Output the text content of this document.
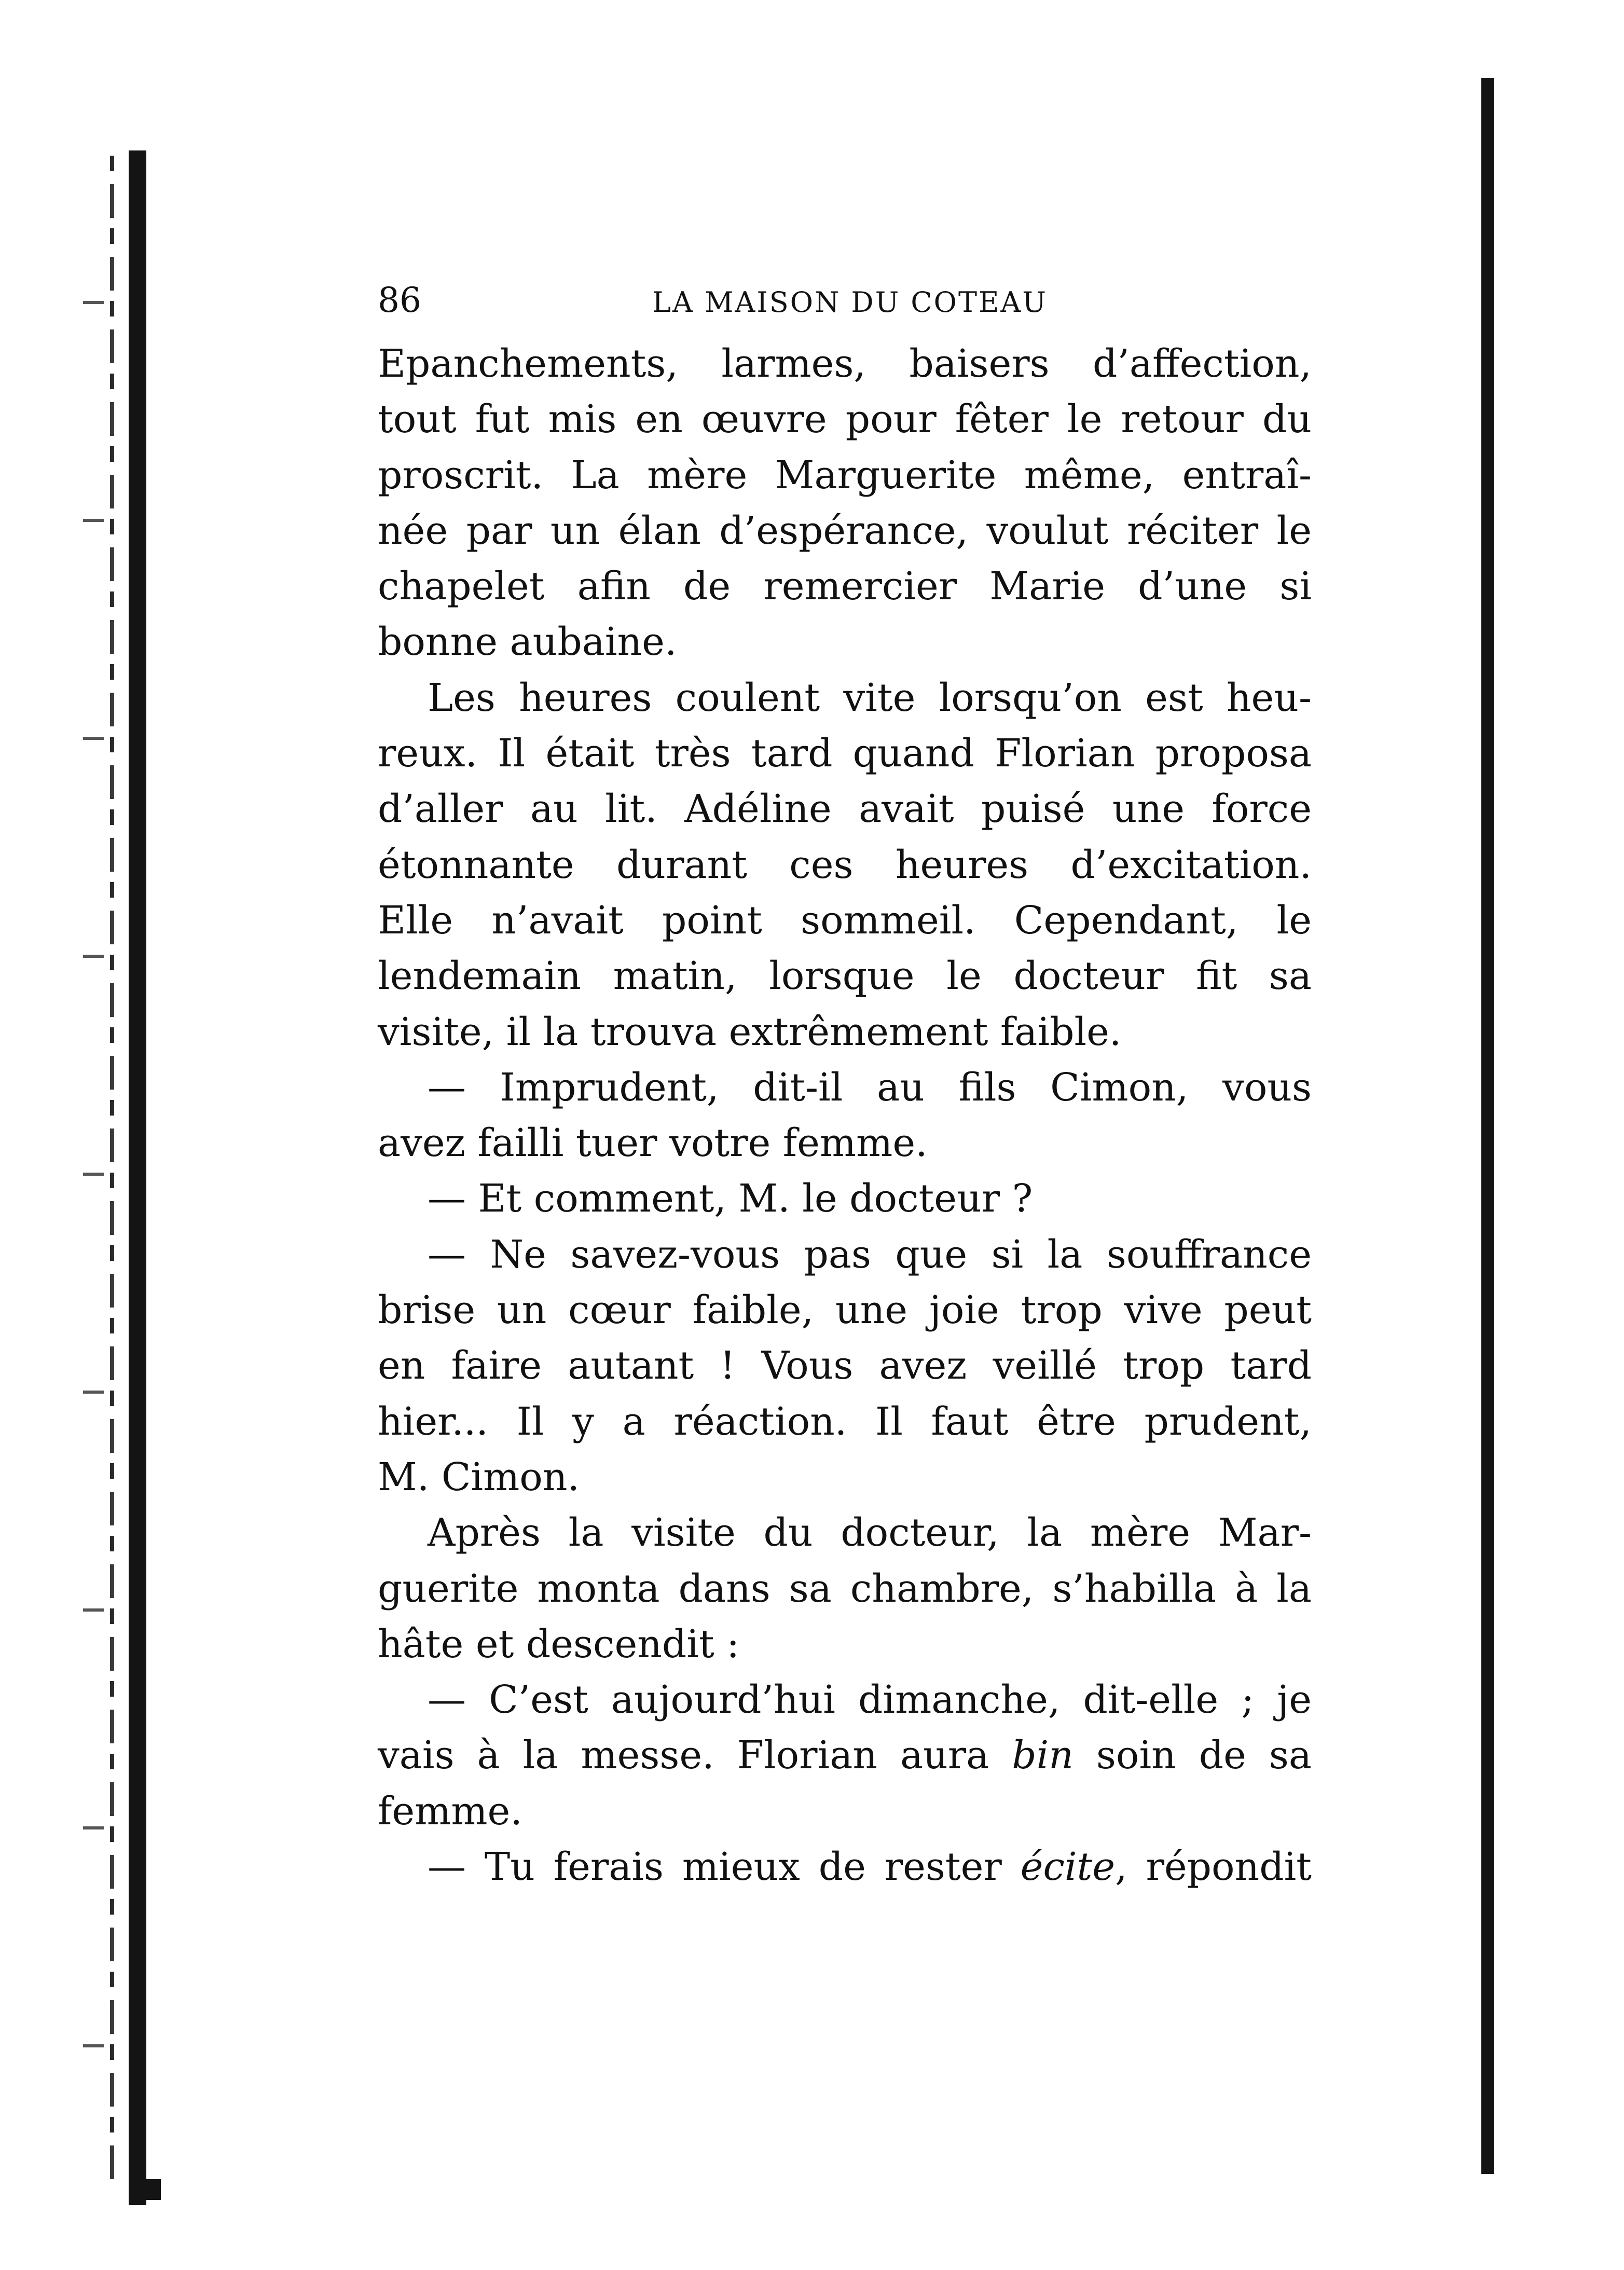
86	LA MAISON DU COTEAU
Epanchements, larmes, baisers d’affection,
tout fut mis en œuvre pour fêter le retour du
proscrit. La mère Marguerite même, entraî-
née par un élan d’espérance, voulut réciter le
chapelet afin de remercier Marie d’une si
bonne aubaine.
Les heures coulent vite lorsqu’on est heu-
reux. Il était très tard quand Florian proposa
d’aller au lit. Adéline avait puisé une force
étonnante durant ces heures d’excitation.
Elle n’avait point sommeil. Cependant, le
lendemain matin, lorsque le docteur fit sa
visite, il la trouva extrêmement faible.
— Imprudent, dit-il au fils Cimon, vous
avez failli tuer votre femme.
— Et comment, M. le docteur ?
— Ne savez-vous pas que si la souffrance
brise un cœur faible, une joie trop vive peut
en faire autant ! Vous avez veillé trop tard
hier... Il y a réaction. Il faut être prudent,
M. Cimon.
Après la visite du docteur, la mère Mar-
guerite monta dans sa chambre, s’habilla à la
hâte et descendit :
— C’est aujourd’hui dimanche, dit-elle ; je
vais à la messe. Florian aura bin soin de sa
femme.
— Tu ferais mieux de rester écite, répondit
